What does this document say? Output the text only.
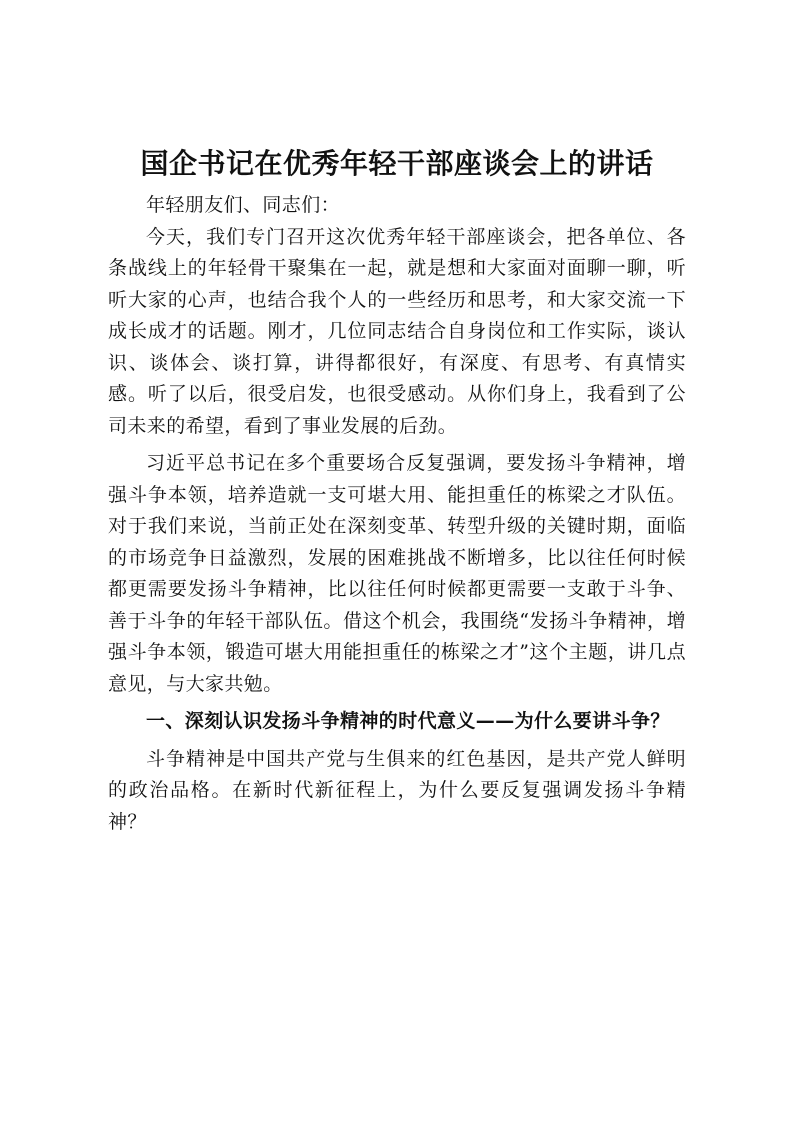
国企书记在优秀年轻干部座谈会上的讲话

年轻朋友们、同志们：

今天，我们专门召开这次优秀年轻干部座谈会，把各单位、各条战线上的年轻骨干聚集在一起，就是想和大家面对面聊一聊，听听大家的心声，也结合我个人的一些经历和思考，和大家交流一下成长成才的话题。刚才，几位同志结合自身岗位和工作实际，谈认识、谈体会、谈打算，讲得都很好，有深度、有思考、有真情实感。听了以后，很受启发，也很受感动。从你们身上，我看到了公司未来的希望，看到了事业发展的后劲。

习近平总书记在多个重要场合反复强调，要发扬斗争精神，增强斗争本领，培养造就一支可堪大用、能担重任的栋梁之才队伍。对于我们来说，当前正处在深刻变革、转型升级的关键时期，面临的市场竞争日益激烈，发展的困难挑战不断增多，比以往任何时候都更需要发扬斗争精神，比以往任何时候都更需要一支敢于斗争、善于斗争的年轻干部队伍。借这个机会，我围绕“发扬斗争精神，增强斗争本领，锻造可堪大用能担重任的栋梁之才”这个主题，讲几点意见，与大家共勉。

一、深刻认识发扬斗争精神的时代意义——为什么要讲斗争？

斗争精神是中国共产党与生俱来的红色基因，是共产党人鲜明的政治品格。在新时代新征程上，为什么要反复强调发扬斗争精神？
